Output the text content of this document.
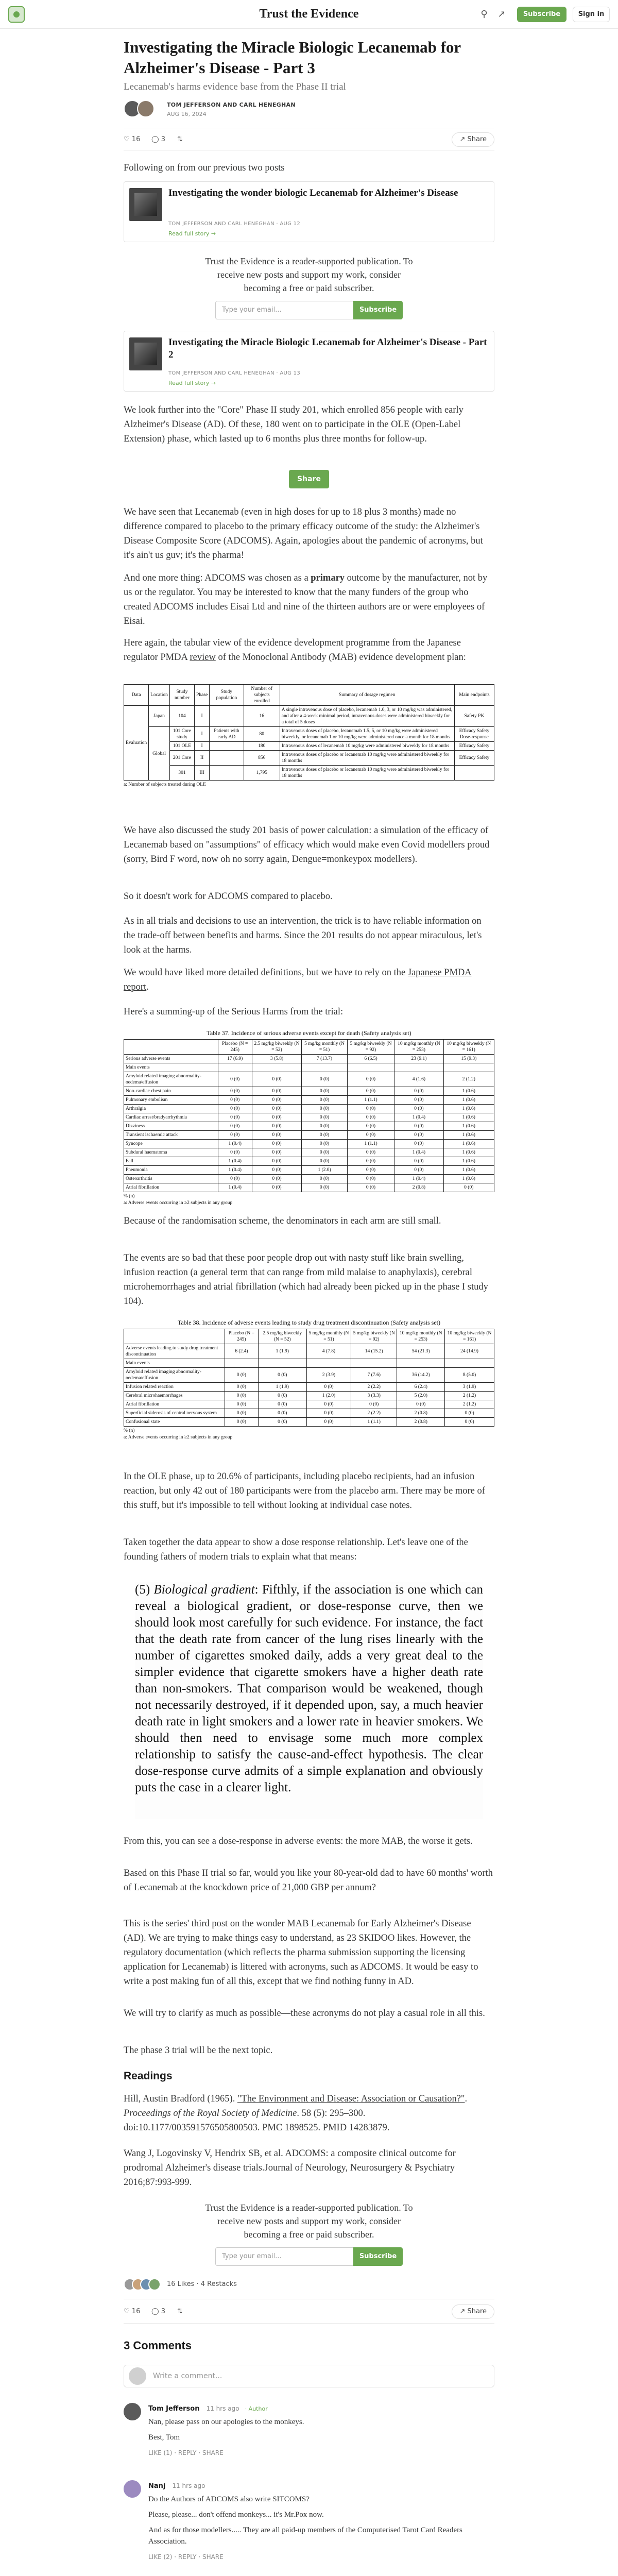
Trust the Evidence	⚲	↗	Subscribe	Sign in
Investigating the Miracle Biologic Lecanemab for Alzheimer's Disease - Part 3
Lecanemab's harms evidence base from the Phase II trial
TOM JEFFERSON AND CARL HENEGHAN
AUG 16, 2024
♡ 16 ◯ 3 ⇅	↗ Share

Following on from our previous two posts

Investigating the wonder biologic Lecanemab for Alzheimer's Disease
TOM JEFFERSON AND CARL HENEGHAN · AUG 12
Read full story →
Trust the Evidence is a reader-supported publication. To receive new posts and support my work, consider becoming a free or paid subscriber.
Type your email...	Subscribe
Investigating the Miracle Biologic Lecanemab for Alzheimer's Disease - Part 2
TOM JEFFERSON AND CARL HENEGHAN · AUG 13
Read full story →

We look further into the "Core" Phase II study 201, which enrolled 856 people with early Alzheimer's Disease (AD). Of these, 180 went on to participate in the OLE (Open-Label Extension) phase, which lasted up to 6 months plus three months for follow-up.

Share

We have seen that Lecanemab (even in high doses for up to 18 plus 3 months) made no difference compared to placebo to the primary efficacy outcome of the study: the Alzheimer's Disease Composite Score (ADCOMS). Again, apologies about the pandemic of acronyms, but it's ain't us guv; it's the pharma!

And one more thing: ADCOMS was chosen as a primary outcome by the manufacturer, not by us or the regulator. You may be interested to know that the many funders of the group who created ADCOMS includes Eisai Ltd and nine of the thirteen authors are or were employees of Eisai.

Here again, the tabular view of the evidence development programme from the Japanese regulator PMDA review of the Monoclonal Antibody (MAB) evidence development plan:

Data	Location	Study number	Phase	Study population	Number of subjects enrolled	Summary of dosage regimen	Main endpoints
Evaluation	Japan	104	I		16	A single intravenous dose of placebo, lecanemab 1.0, 3, or 10 mg/kg was administered, and after a 4-week minimal period, intravenous doses were administered biweekly for a total of 5 doses	Safety PK
	Global	101 Core study	I	Patients with early AD	80	Intravenous doses of placebo, lecanemab 1.5, 5, or 10 mg/kg were administered biweekly, or lecanemab 1 or 10 mg/kg were administered once a month for 18 months	Efficacy Safety Dose-response
		101 OLE	I		180	Intravenous doses of lecanemab 10 mg/kg were administered biweekly for 18 months	Efficacy Safety
		201 Core	II		856	Intravenous doses of placebo or lecanemab 10 mg/kg were administered biweekly for 18 months	Efficacy Safety
		301	III		1,795	Intravenous doses of placebo or lecanemab 10 mg/kg were administered biweekly for 18 months	
a: Number of subjects treated during OLE

We have also discussed the study 201 basis of power calculation: a simulation of the efficacy of Lecanemab based on "assumptions" of efficacy which would make even Covid modellers proud (sorry, Bird F word, now oh no sorry again, Dengue=monkeypox modellers).

So it doesn't work for ADCOMS compared to placebo.

As in all trials and decisions to use an intervention, the trick is to have reliable information on the trade-off between benefits and harms. Since the 201 results do not appear miraculous, let's look at the harms.

We would have liked more detailed definitions, but we have to rely on the Japanese PMDA report.

Here's a summing-up of the Serious Harms from the trial:

Table 37. Incidence of serious adverse events except for death (Safety analysis set)
	Placebo (N = 245)	2.5 mg/kg biweekly (N = 52)	5 mg/kg monthly (N = 51)	5 mg/kg biweekly (N = 92)	10 mg/kg monthly (N = 253)	10 mg/kg biweekly (N = 161)
Serious adverse events	17 (6.9)	3 (5.8)	7 (13.7)	6 (6.5)	23 (9.1)	15 (9.3)
Main events						
Amyloid related imaging abnormality-oedema/effusion	0 (0)	0 (0)	0 (0)	0 (0)	4 (1.6)	2 (1.2)
Non-cardiac chest pain	0 (0)	0 (0)	0 (0)	0 (0)	0 (0)	1 (0.6)
Pulmonary embolism	0 (0)	0 (0)	0 (0)	1 (1.1)	0 (0)	1 (0.6)
Arthralgia	0 (0)	0 (0)	0 (0)	0 (0)	0 (0)	1 (0.6)
Cardiac arrest/bradyarrhythmia	0 (0)	0 (0)	0 (0)	0 (0)	1 (0.4)	1 (0.6)
Dizziness	0 (0)	0 (0)	0 (0)	0 (0)	0 (0)	1 (0.6)
Transient ischaemic attack	0 (0)	0 (0)	0 (0)	0 (0)	0 (0)	1 (0.6)
Syncope	1 (0.4)	0 (0)	0 (0)	1 (1.1)	0 (0)	1 (0.6)
Subdural haematoma	0 (0)	0 (0)	0 (0)	0 (0)	1 (0.4)	1 (0.6)
Fall	1 (0.4)	0 (0)	0 (0)	0 (0)	0 (0)	1 (0.6)
Pneumonia	1 (0.4)	0 (0)	1 (2.0)	0 (0)	0 (0)	1 (0.6)
Osteoarthritis	0 (0)	0 (0)	0 (0)	0 (0)	1 (0.4)	1 (0.6)
Atrial fibrillation	1 (0.4)	0 (0)	0 (0)	0 (0)	2 (0.8)	0 (0)
% (n)
a: Adverse events occurring in ≥2 subjects in any group

Because of the randomisation scheme, the denominators in each arm are still small.

The events are so bad that these poor people drop out with nasty stuff like brain swelling, infusion reaction (a general term that can range from mild malaise to anaphylaxis), cerebral microhemorrhages and atrial fibrillation (which had already been picked up in the phase I study 104).

Table 38. Incidence of adverse events leading to study drug treatment discontinuation (Safety analysis set)
	Placebo (N = 245)	2.5 mg/kg biweekly (N = 52)	5 mg/kg monthly (N = 51)	5 mg/kg biweekly (N = 92)	10 mg/kg monthly (N = 253)	10 mg/kg biweekly (N = 161)
Adverse events leading to study drug treatment discontinuation	6 (2.4)	1 (1.9)	4 (7.8)	14 (15.2)	54 (21.3)	24 (14.9)
Main events						
Amyloid related imaging abnormality-oedema/effusion	0 (0)	0 (0)	2 (3.9)	7 (7.6)	36 (14.2)	8 (5.0)
Infusion related reaction	0 (0)	1 (1.9)	0 (0)	2 (2.2)	6 (2.4)	3 (1.9)
Cerebral microhaemorrhages	0 (0)	0 (0)	1 (2.0)	3 (3.3)	5 (2.0)	2 (1.2)
Atrial fibrillation	0 (0)	0 (0)	0 (0)	0 (0)	0 (0)	2 (1.2)
Superficial siderosis of central nervous system	0 (0)	0 (0)	0 (0)	2 (2.2)	2 (0.8)	0 (0)
Confusional state	0 (0)	0 (0)	0 (0)	1 (1.1)	2 (0.8)	0 (0)
% (n)
a: Adverse events occurring in ≥2 subjects in any group

In the OLE phase, up to 20.6% of participants, including placebo recipients, had an infusion reaction, but only 42 out of 180 participants were from the placebo arm. There may be more of this stuff, but it's impossible to tell without looking at individual case notes.

Taken together the data appear to show a dose response relationship. Let's leave one of the founding fathers of modern trials to explain what that means:

(5) Biological gradient: Fifthly, if the association is one which can reveal a biological gradient, or dose-response curve, then we should look most carefully for such evidence. For instance, the fact that the death rate from cancer of the lung rises linearly with the number of cigarettes smoked daily, adds a very great deal to the simpler evidence that cigarette smokers have a higher death rate than non-smokers. That comparison would be weakened, though not necessarily destroyed, if it depended upon, say, a much heavier death rate in light smokers and a lower rate in heavier smokers. We should then need to envisage some much more complex relationship to satisfy the cause-and-effect hypothesis. The clear dose-response curve admits of a simple explanation and obviously puts the case in a clearer light.

From this, you can see a dose-response in adverse events: the more MAB, the worse it gets.

Based on this Phase II trial so far, would you like your 80-year-old dad to have 60 months' worth of Lecanemab at the knockdown price of 21,000 GBP per annum?

This is the series' third post on the wonder MAB Lecanemab for Early Alzheimer's Disease (AD). We are trying to make things easy to understand, as 23 SKIDOO likes. However, the regulatory documentation (which reflects the pharma submission supporting the licensing application for Lecanemab) is littered with acronyms, such as ADCOMS. It would be easy to write a post making fun of all this, except that we find nothing funny in AD.

We will try to clarify as much as possible—these acronyms do not play a casual role in all this.

The phase 3 trial will be the next topic.

Readings

Hill, Austin Bradford (1965). "The Environment and Disease: Association or Causation?". Proceedings of the Royal Society of Medicine. 58 (5): 295–300. doi:10.1177/003591576505800503. PMC 1898525. PMID 14283879.

Wang J, Logovinsky V, Hendrix SB, et al. ADCOMS: a composite clinical outcome for prodromal Alzheimer's disease trials.Journal of Neurology, Neurosurgery & Psychiatry 2016;87:993-999.

Trust the Evidence is a reader-supported publication. To receive new posts and support my work, consider becoming a free or paid subscriber.
Type your email...	Subscribe
16 Likes · 4 Restacks
♡ 16 ◯ 3 ⇅	↗ Share
3 Comments
Write a comment...
Tom Jefferson 11 hrs ago · Author
Nan, please pass on our apologies to the monkeys.
Best, Tom
LIKE (1) · REPLY · SHARE
Nanj 11 hrs ago
Do the Authors of ADCOMS also write SITCOMS?
Please, please... don't offend monkeys... it's Mr.Pox now.
And as for those modellers..... They are all paid-up members of the Computerised Tarot Card Readers Association.
LIKE (2) · REPLY · SHARE
